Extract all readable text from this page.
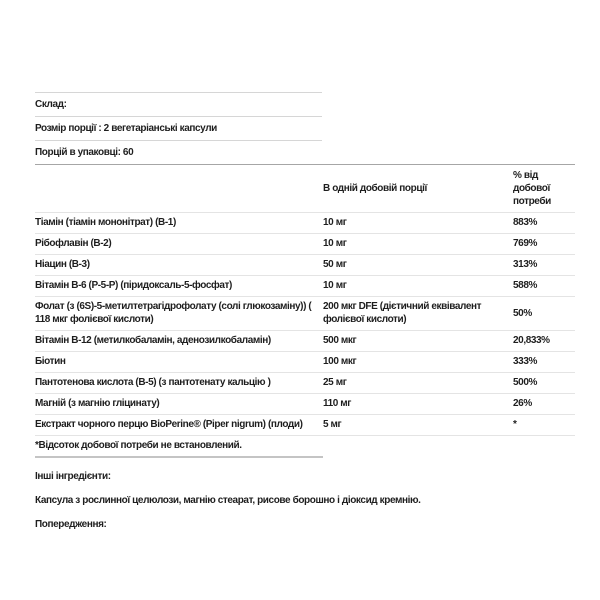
Склад:
Розмір порції : 2 вегетаріанські капсули
Порцій в упаковці: 60
	В одній добовій порції	% від добової потреби
Тіамін (тіамін мононітрат) (B-1)	10 мг	883%
Рібофлавін (B-2)	10 мг	769%
Ніацин (B-3)	50 мг	313%
Вітамін B-6 (P-5-P) (піридоксаль-5-фосфат)	10 мг	588%
Фолат (з (6S)-5-метилтетрагідрофолату (солі глюкозаміну)) ( 118 мкг фолієвої кислоти)	200 мкг DFE (дієтичний еквівалент фолієвої кислоти)	50%
Вітамін B-12 (метилкобаламін, аденозилкобаламін)	500 мкг	20,833%
Біотин	100 мкг	333%
Пантотенова кислота (B-5) (з пантотенату кальцію )	25 мг	500%
Магній (з магнію гліцинату)	110 мг	26%
Екстракт чорного перцю BioPerine® (Piper nigrum) (плоди)	5 мг	*
*Відсоток добової потреби не встановлений.		
Інші інгредієнти:
Капсула з рослинної целюлози, магнію стеарат, рисове борошно і діоксид кремнію.
Попередження:
